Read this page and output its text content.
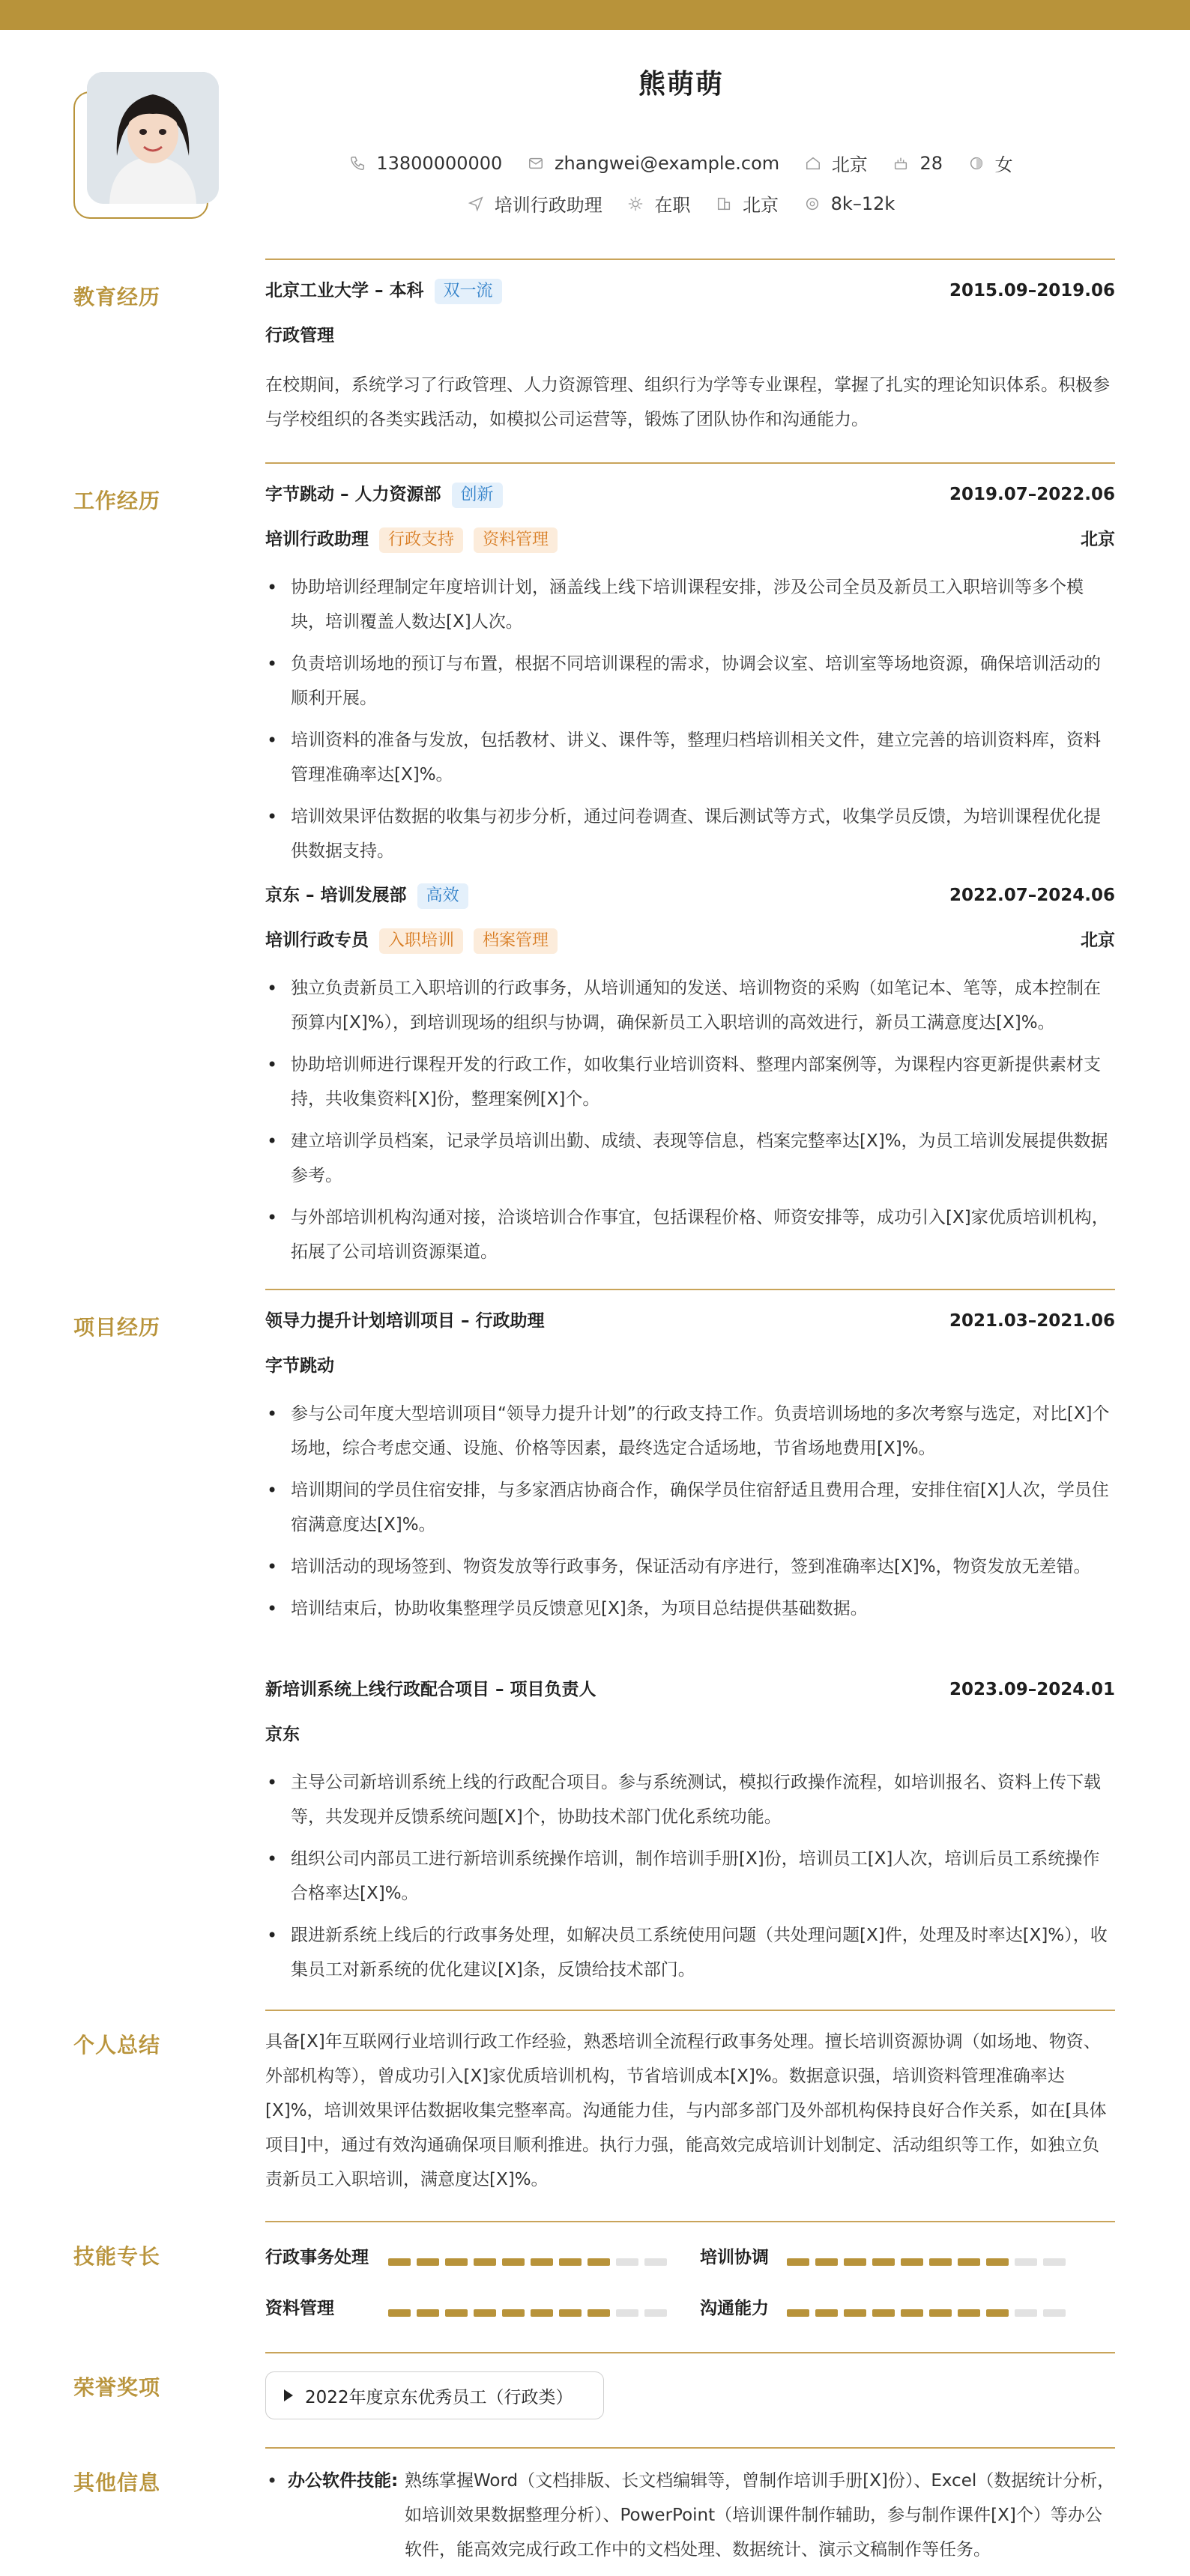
熊萌萌
13800000000
	zhangwei@example.com
	北京
	28
	女
培训行政助理
	在职
	北京
	8k–12k
教育经历	北京工业大学 – 本科 双一流	2015.09–2019.06
行政管理
在校期间，系统学习了行政管理、人力资源管理、组织行为学等专业课程，掌握了扎实的理论知识体系。积极参与学校组织的各类实践活动，如模拟公司运营等，锻炼了团队协作和沟通能力。
工作经历	字节跳动 – 人力资源部 创新	2019.07–2022.06
培训行政助理 行政支持 资料管理	北京
• 协助培训经理制定年度培训计划，涵盖线上线下培训课程安排，涉及公司全员及新员工入职培训等多个模块，培训覆盖人数达[X]人次。
• 负责培训场地的预订与布置，根据不同培训课程的需求，协调会议室、培训室等场地资源，确保培训活动的顺利开展。
• 培训资料的准备与发放，包括教材、讲义、课件等，整理归档培训相关文件，建立完善的培训资料库，资料管理准确率达[X]%。
• 培训效果评估数据的收集与初步分析，通过问卷调查、课后测试等方式，收集学员反馈，为培训课程优化提供数据支持。
京东 – 培训发展部 高效	2022.07–2024.06
培训行政专员 入职培训 档案管理	北京
• 独立负责新员工入职培训的行政事务，从培训通知的发送、培训物资的采购（如笔记本、笔等，成本控制在预算内[X]%），到培训现场的组织与协调，确保新员工入职培训的高效进行，新员工满意度达[X]%。
• 协助培训师进行课程开发的行政工作，如收集行业培训资料、整理内部案例等，为课程内容更新提供素材支持，共收集资料[X]份，整理案例[X]个。
• 建立培训学员档案，记录学员培训出勤、成绩、表现等信息，档案完整率达[X]%，为员工培训发展提供数据参考。
• 与外部培训机构沟通对接，洽谈培训合作事宜，包括课程价格、师资安排等，成功引入[X]家优质培训机构，拓展了公司培训资源渠道。
项目经历	领导力提升计划培训项目 – 行政助理	2021.03–2021.06
字节跳动
• 参与公司年度大型培训项目“领导力提升计划”的行政支持工作。负责培训场地的多次考察与选定，对比[X]个场地，综合考虑交通、设施、价格等因素，最终选定合适场地，节省场地费用[X]%。
• 培训期间的学员住宿安排，与多家酒店协商合作，确保学员住宿舒适且费用合理，安排住宿[X]人次，学员住宿满意度达[X]%。
• 培训活动的现场签到、物资发放等行政事务，保证活动有序进行，签到准确率达[X]%，物资发放无差错。
• 培训结束后，协助收集整理学员反馈意见[X]条，为项目总结提供基础数据。
新培训系统上线行政配合项目 – 项目负责人	2023.09–2024.01
京东
• 主导公司新培训系统上线的行政配合项目。参与系统测试，模拟行政操作流程，如培训报名、资料上传下载等，共发现并反馈系统问题[X]个，协助技术部门优化系统功能。
• 组织公司内部员工进行新培训系统操作培训，制作培训手册[X]份，培训员工[X]人次，培训后员工系统操作合格率达[X]%。
• 跟进新系统上线后的行政事务处理，如解决员工系统使用问题（共处理问题[X]件，处理及时率达[X]%），收集员工对新系统的优化建议[X]条，反馈给技术部门。
个人总结	具备[X]年互联网行业培训行政工作经验，熟悉培训全流程行政事务处理。擅长培训资源协调（如场地、物资、外部机构等），曾成功引入[X]家优质培训机构，节省培训成本[X]%。数据意识强，培训资料管理准确率达[X]%，培训效果评估数据收集完整率高。沟通能力佳，与内部多部门及外部机构保持良好合作关系，如在[具体项目]中，通过有效沟通确保项目顺利推进。执行力强，能高效完成培训计划制定、活动组织等工作，如独立负责新员工入职培训，满意度达[X]%。
技能专长	行政事务处理	培训协调
资料管理	沟通能力
荣誉奖项	2022年度京东优秀员工（行政类）
其他信息	• 办公软件技能: 熟练掌握Word（文档排版、长文档编辑等，曾制作培训手册[X]份）、Excel（数据统计分析，如培训效果数据整理分析）、PowerPoint（培训课件制作辅助，参与制作课件[X]个）等办公软件，能高效完成行政工作中的文档处理、数据统计、演示文稿制作等任务。
